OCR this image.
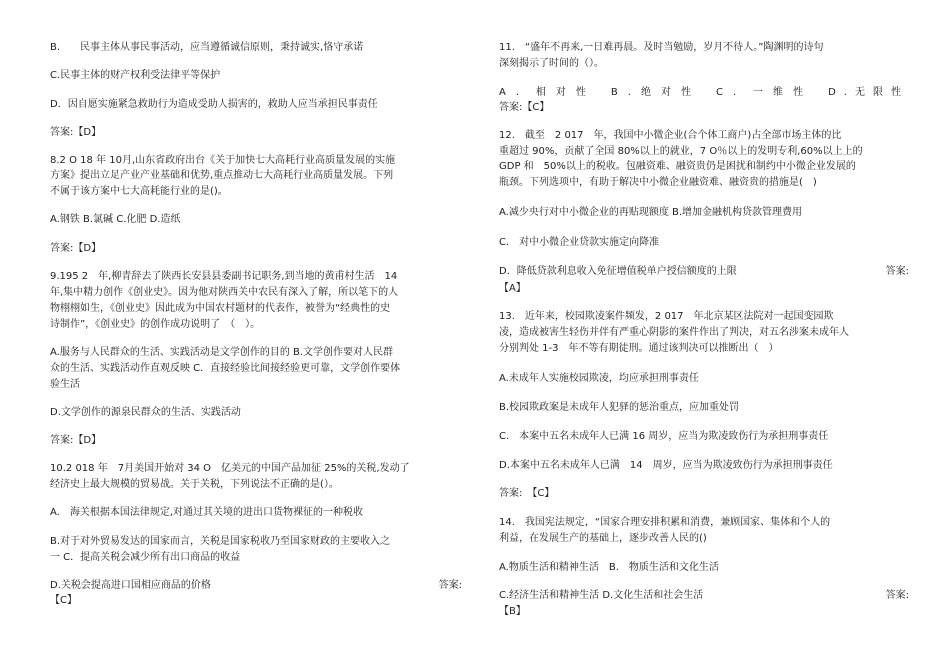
B.　　民事主体从事民事活动，应当遵循诚信原则，秉持诚实,恪守承诺

C.民事主体的财产权利受法律平等保护

D．因自愿实施紧急救助行为造成受助人损害的，救助人应当承担民事责任

答案:【D】

8.2 O 18 年 10月,山东省政府出台《关于加快七大高耗行业高质量发展的实施

方案》提出立足产业产业基础和优势,重点推动七大高耗行业高质量发展。下列

不属于该方案中七大高耗能行业的是()。

A.钢铁 B.氯碱 C.化肥 D.造纸

答案:【D】

9.195 2　年,柳青辞去了陕西长安县县委副书记职务,到当地的黄甫村生活　14

年,集中精力创作《创业史》。因为他对陕西关中农民有深入了解，所以笔下的人

物栩栩如生，《创业史》因此成为中国农村题材的代表作，被誉为“经典性的史

诗制作”，《创业史》的创作成功说明了　（　）。

A.服务与人民群众的生活、实践活动是文学创作的目的 B.文学创作要对人民群

众的生活、实践活动作直观反映 C．直接经验比间接经验更可靠，文学创作要体

验生活

D.文学创作的源泉民群众的生活、实践活动

答案:【D】

10.2 018 年　7月美国开始对 34 O　亿美元的中国产品加征 25%的关税,发动了

经济史上最大规模的贸易战。关于关税，下列说法不正确的是(）。

A.　海关根据本国法律规定,对通过其关境的进出口货物裸征的一种税收

B.对于对外贸易发达的国家而言，关税是国家税收乃至国家财政的主要收入之

一 C．提高关税会减少所有出口商品的收益

D.关税会提高进口国相应商品的价格	答案:

【C】

11.　“盛年不再来,一日难再晨。及时当勉励，岁月不待人。”陶渊明的诗句

深刻揭示了时间的（）。

A．相对性 B.绝对性 C．一维性 D.无限性

答案:【C】

12.　截至　2 017　年，我国中小微企业(合个体工商户)占全部市场主体的比

重超过 90%，贡献了全国 80%以上的就业，7 O％以上的发明专利,60%以上上的

GDP 和　50%以上的税收。包融资难、融资贵仍是困扰和制约中小微企业发展的

瓶颈。下列选项中，有助于解决中小微企业融资难、融资贵的措施是(　)

A.减少央行对中小微企业的再贴现额度 B.增加金融机构贷款管理费用

C.　对中小微企业贷款实施定向降准

D．降低贷款利息收入免征增值税单户授信额度的上限	答案:

【A】

13.　近年来，校园欺凌案件频发，2 017　年北京某区法院对一起国变园欺

凌，造成被害生轻伤并伴有严重心阴影的案件作出了判决，对五名涉案未成年人

分别判处 1-3　年不等有期徒刑。通过该判决可以推断出（　）

A.未成年人实施校园欺凌，均应承担刑事责任

B.校园欺政案是未成年人犯驿的惩治重点，应加重处罚

C.　本案中五名未成年人已满 16 周岁，应当为欺凌致伤行为承担刑事责任

D.本案中五名未成年人已满　14　周岁，应当为欺凌致伤行为承担刑事责任

答案:　【C】

14.　我国宪法规定，“国家合理安排积累和消费，兼顾国家、集体和个人的

利益，在发展生产的基础上，逐步改善人民的()

A.物质生活和精神生活　B.　物质生活和文化生活

C.经济生活和精神生活 D.文化生活和社会生活	答案:

【B】
